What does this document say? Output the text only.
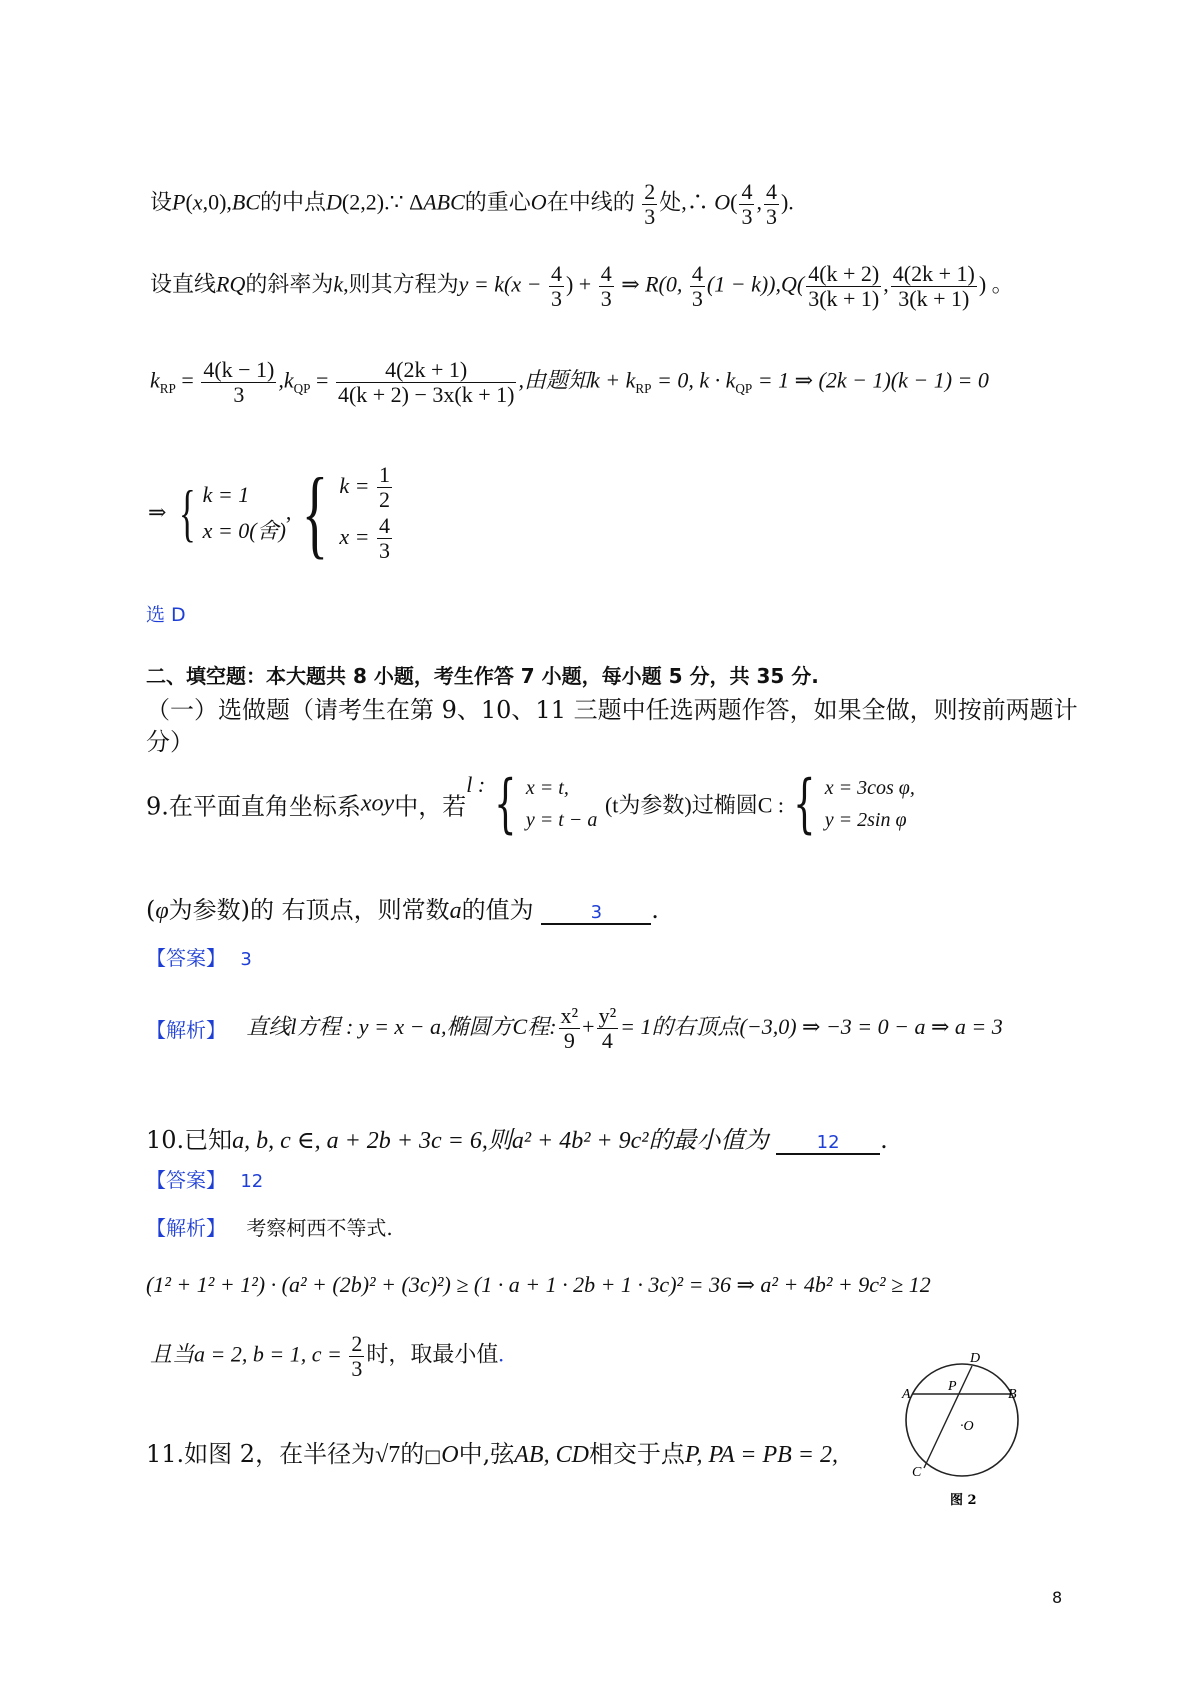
设P(x,0),BC的中点D(2,2).∵ ΔABC的重心O在中线的 $\frac{2}{3}$ 处,∴ $O( \frac{4}{3}$ , $\frac{4}{3}$ ).
设直线RQ的斜率为k,则其方程为$y = k(x - \frac{4}{3}$ ) + $\frac{4}{3}$ ⇒ R(0, $\frac{4}{3} (1 - k)),Q( \frac{4(k + 2)}{3(k + 1)}$ , $\frac{4(2k + 1)}{3(k + 1)}$ ) 。
$k_{RP} = \frac{4(k - 1)}{3} ,k_{QP} = \frac{4(2k + 1)}{4(k + 2) - 3x(k + 1)}$ ,由题知$k + k_{RP} = 0$, $k \cdot k_{QP} = 1$ ⇒ (2k − 1)(k − 1) = 0
⇒ { k = 1
x = 0(舍), { $k = \frac{1}{2}$

$x = \frac{4}{3}$
选 D
二、填空题：本大题共 8 小题，考生作答 7 小题，每小题 5 分，共 35 分.
（一）选做题（请考生在第 9、10、11 三题中任选两题作答，如果全做，则按前两题计
分）
9.在平面直角坐标系xoy中，若l : { x = t,
y = t − a (t为参数)过椭圆C : { x = 3cos φ,
y = 2sin φ
(φ为参数)的 右顶点，则常数a的值为	3 .
【答案】 3
【解析】 直线l方程 : y = x − a,椭圆方C程: $\frac{\text{x²}}{9} + \frac{\text{y²}}{4} = 1$的右顶点(−3,0) ⇒ −3 = 0 − a ⇒ a = 3
10.已知a, b, c ∈, a + 2b + 3c = 6,则a² + 4b² + 9c²的最小值为	12 .
【答案】 12
【解析】 考察柯西不等式.
(1² + 1² + 1²) · (a² + (2b)² + (3c)²) ≥ (1 · a + 1 · 2b + 1 · 3c)² = 36 ⇒ a² + 4b² + 9c² ≥ 12
且当a = 2, b = 1, $c = \frac{2}{3}$ 时，取最小值.
11.如图 2，在半径为√7的□O中,弦AB, CD相交于点P, PA = PB = 2,
A
P
D
B
·O
C
图 2
8
